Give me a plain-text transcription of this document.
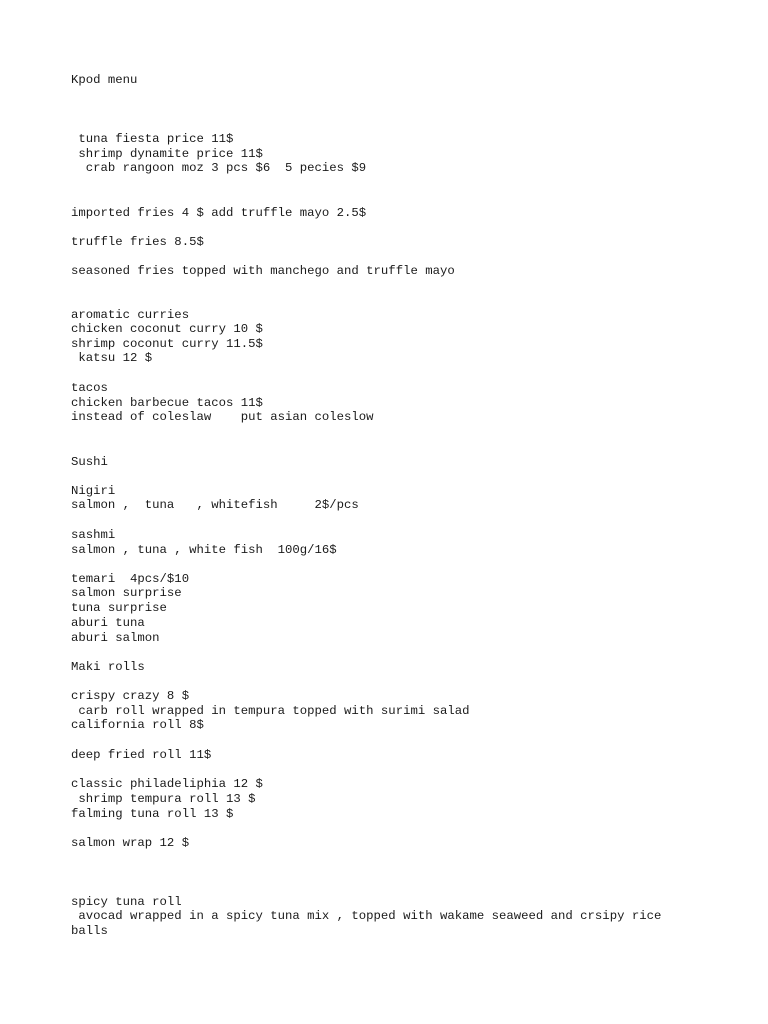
Kpod menu

tuna fiesta price 11$

shrimp dynamite price 11$

crab rangoon moz 3 pcs $6  5 pecies $9

imported fries 4 $ add truffle mayo 2.5$

truffle fries 8.5$

seasoned fries topped with manchego and truffle mayo

aromatic curries

chicken coconut curry 10 $

shrimp coconut curry 11.5$

katsu 12 $

tacos

chicken barbecue tacos 11$

instead of coleslaw    put asian coleslow

Sushi

Nigiri

salmon ,  tuna   , whitefish     2$/pcs

sashmi

salmon , tuna , white fish  100g/16$

temari  4pcs/$10

salmon surprise

tuna surprise

aburi tuna

aburi salmon

Maki rolls

crispy crazy 8 $

carb roll wrapped in tempura topped with surimi salad

california roll 8$

deep fried roll 11$

classic philadeliphia 12 $

shrimp tempura roll 13 $

falming tuna roll 13 $

salmon wrap 12 $

spicy tuna roll

avocad wrapped in a spicy tuna mix , topped with wakame seaweed and crsipy rice

balls
